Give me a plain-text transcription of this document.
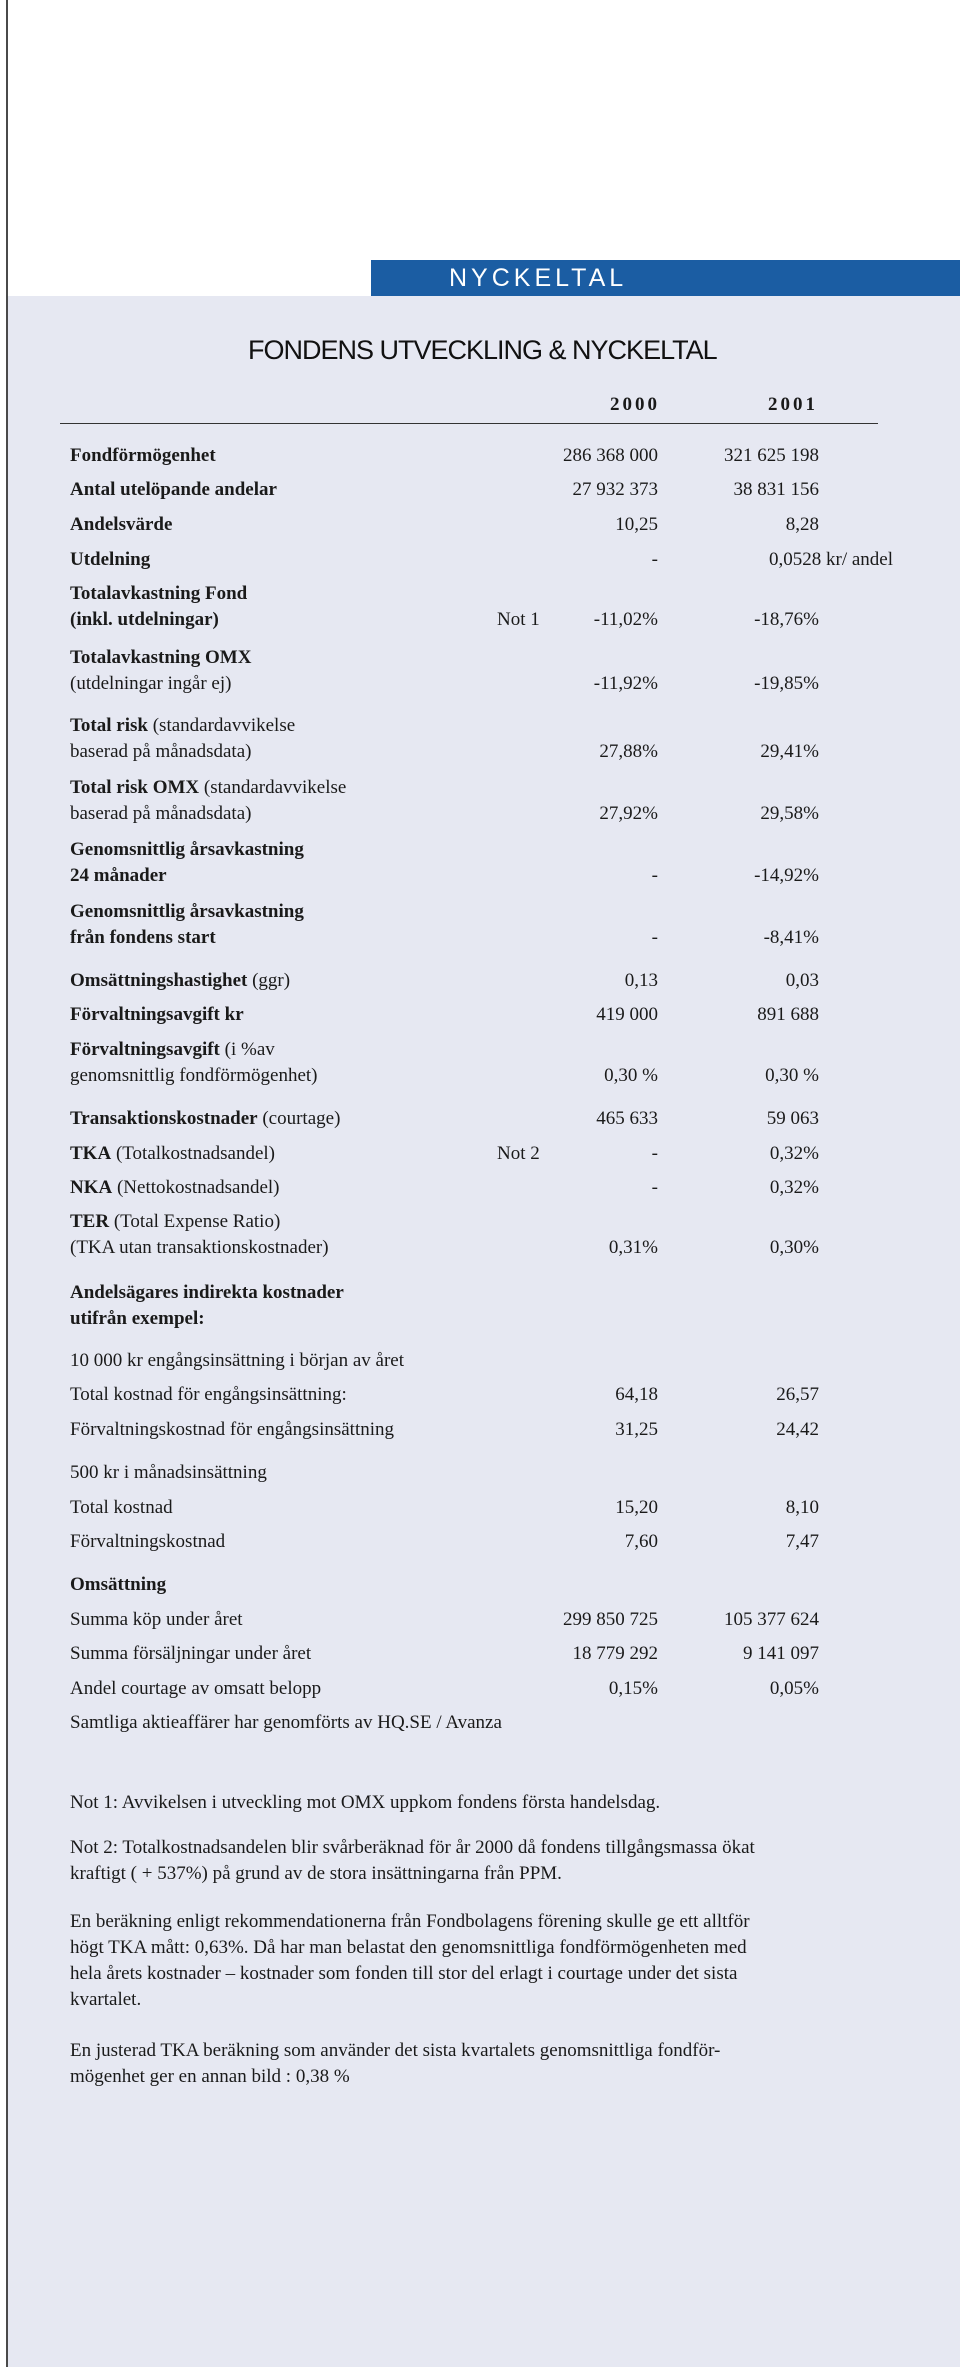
NYCKELTAL
FONDENS UTVECKLING & NYCKELTAL
2000	2001
Fondförmögenhet	286 368 000	321 625 198
Antal utelöpande andelar	27 932 373	38 831 156
Andelsvärde	10,25	8,28
Utdelning	-	0,0528 kr/ andel
Totalavkastning Fond
(inkl. utdelningar)	Not 1	-11,02%	-18,76%
Totalavkastning OMX
(utdelningar ingår ej)	-11,92%	-19,85%
Total risk (standardavvikelse
baserad på månadsdata)	27,88%	29,41%
Total risk OMX (standardavvikelse
baserad på månadsdata)	27,92%	29,58%
Genomsnittlig årsavkastning
24 månader	-	-14,92%
Genomsnittlig årsavkastning
från fondens start	-	-8,41%
Omsättningshastighet (ggr)	0,13	0,03
Förvaltningsavgift kr	419 000	891 688
Förvaltningsavgift (i %av
genomsnittlig fondförmögenhet)	0,30 %	0,30 %
Transaktionskostnader (courtage)	465 633	59 063
TKA (Totalkostnadsandel)	Not 2	-	0,32%
NKA (Nettokostnadsandel)	-	0,32%
TER (Total Expense Ratio)
(TKA utan transaktionskostnader)	0,31%	0,30%
Andelsägares indirekta kostnader
utifrån exempel:
10 000 kr engångsinsättning i början av året
Total kostnad för engångsinsättning:	64,18	26,57
Förvaltningskostnad för engångsinsättning	31,25	24,42
500 kr i månadsinsättning
Total kostnad	15,20	8,10
Förvaltningskostnad	7,60	7,47
Omsättning
Summa köp under året	299 850 725	105 377 624
Summa försäljningar under året	18 779 292	9 141 097
Andel courtage av omsatt belopp	0,15%	0,05%
Samtliga aktieaffärer har genomförts av HQ.SE / Avanza
Not 1: Avvikelsen i utveckling mot OMX uppkom fondens första handelsdag.
Not 2: Totalkostnadsandelen blir svårberäknad för år 2000 då fondens tillgångsmassa ökat
kraftigt ( + 537%) på grund av de stora insättningarna från PPM.
En beräkning enligt rekommendationerna från Fondbolagens förening skulle ge ett alltför
högt TKA mått: 0,63%. Då har man belastat den genomsnittliga fondförmögenheten med
hela årets kostnader – kostnader som fonden till stor del erlagt i courtage under det sista
kvartalet.
En justerad TKA beräkning som använder det sista kvartalets genomsnittliga fondför-
mögenhet ger en annan bild : 0,38 %
